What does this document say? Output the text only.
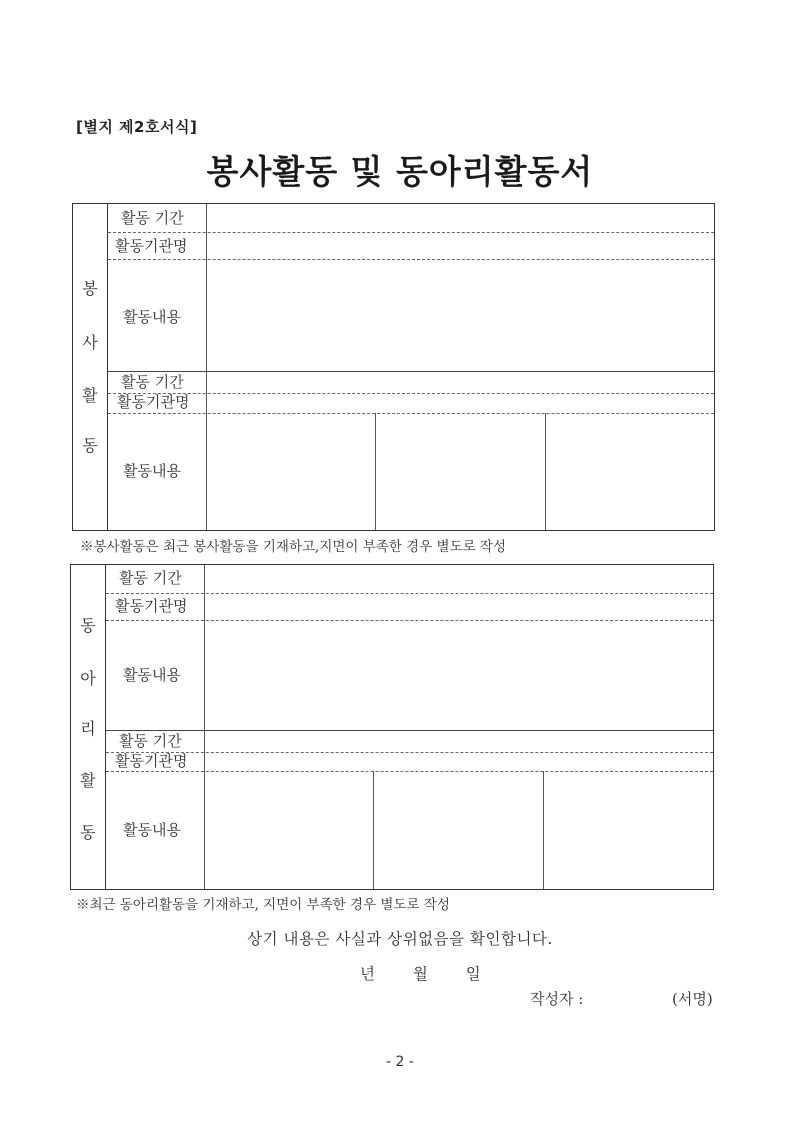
[별지 제2호서식]
봉사활동 및 동아리활동서
봉
사
활
동
활동 기간
활동기관명
활동내용
활동 기간
활동기관명
활동내용
※봉사활동은 최근 봉사활동을 기재하고,지면이 부족한 경우 별도로 작성
동
아
리
활
동
활동 기간
활동기관명
활동내용
활동 기간
활동기관명
활동내용
※최근 동아리활동을 기재하고, 지면이 부족한 경우 별도로 작성
상기 내용은 사실과 상위없음을 확인합니다.
년 월 일
작성자 :	(서명)
- 2 -
